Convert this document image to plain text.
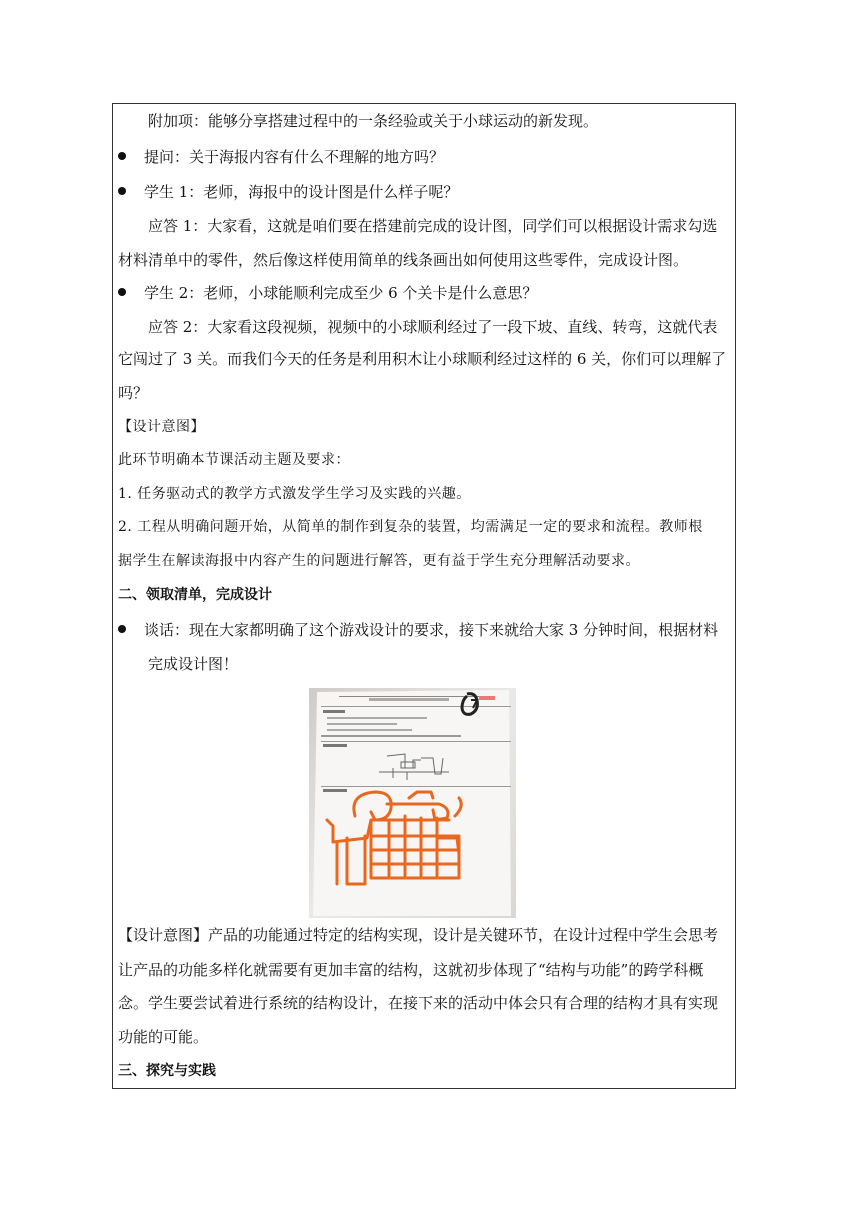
附加项：能够分享搭建过程中的一条经验或关于小球运动的新发现。
提问：关于海报内容有什么不理解的地方吗？
学生 1：老师，海报中的设计图是什么样子呢？
应答 1：大家看，这就是咱们要在搭建前完成的设计图，同学们可以根据设计需求勾选
材料清单中的零件，然后像这样使用简单的线条画出如何使用这些零件，完成设计图。
学生 2：老师，小球能顺利完成至少 6 个关卡是什么意思？
应答 2：大家看这段视频，视频中的小球顺利经过了一段下坡、直线、转弯，这就代表
它闯过了 3 关。而我们今天的任务是利用积木让小球顺利经过这样的 6 关，你们可以理解了
吗？
【设计意图】
此环节明确本节课活动主题及要求：
1. 任务驱动式的教学方式激发学生学习及实践的兴趣。
2. 工程从明确问题开始，从简单的制作到复杂的装置，均需满足一定的要求和流程。教师根
据学生在解读海报中内容产生的问题进行解答，更有益于学生充分理解活动要求。
二、领取清单，完成设计
谈话：现在大家都明确了这个游戏设计的要求，接下来就给大家 3 分钟时间，根据材料
完成设计图！
【设计意图】产品的功能通过特定的结构实现，设计是关键环节，在设计过程中学生会思考
让产品的功能多样化就需要有更加丰富的结构，这就初步体现了“结构与功能”的跨学科概
念。学生要尝试着进行系统的结构设计，在接下来的活动中体会只有合理的结构才具有实现
功能的可能。
三、探究与实践
